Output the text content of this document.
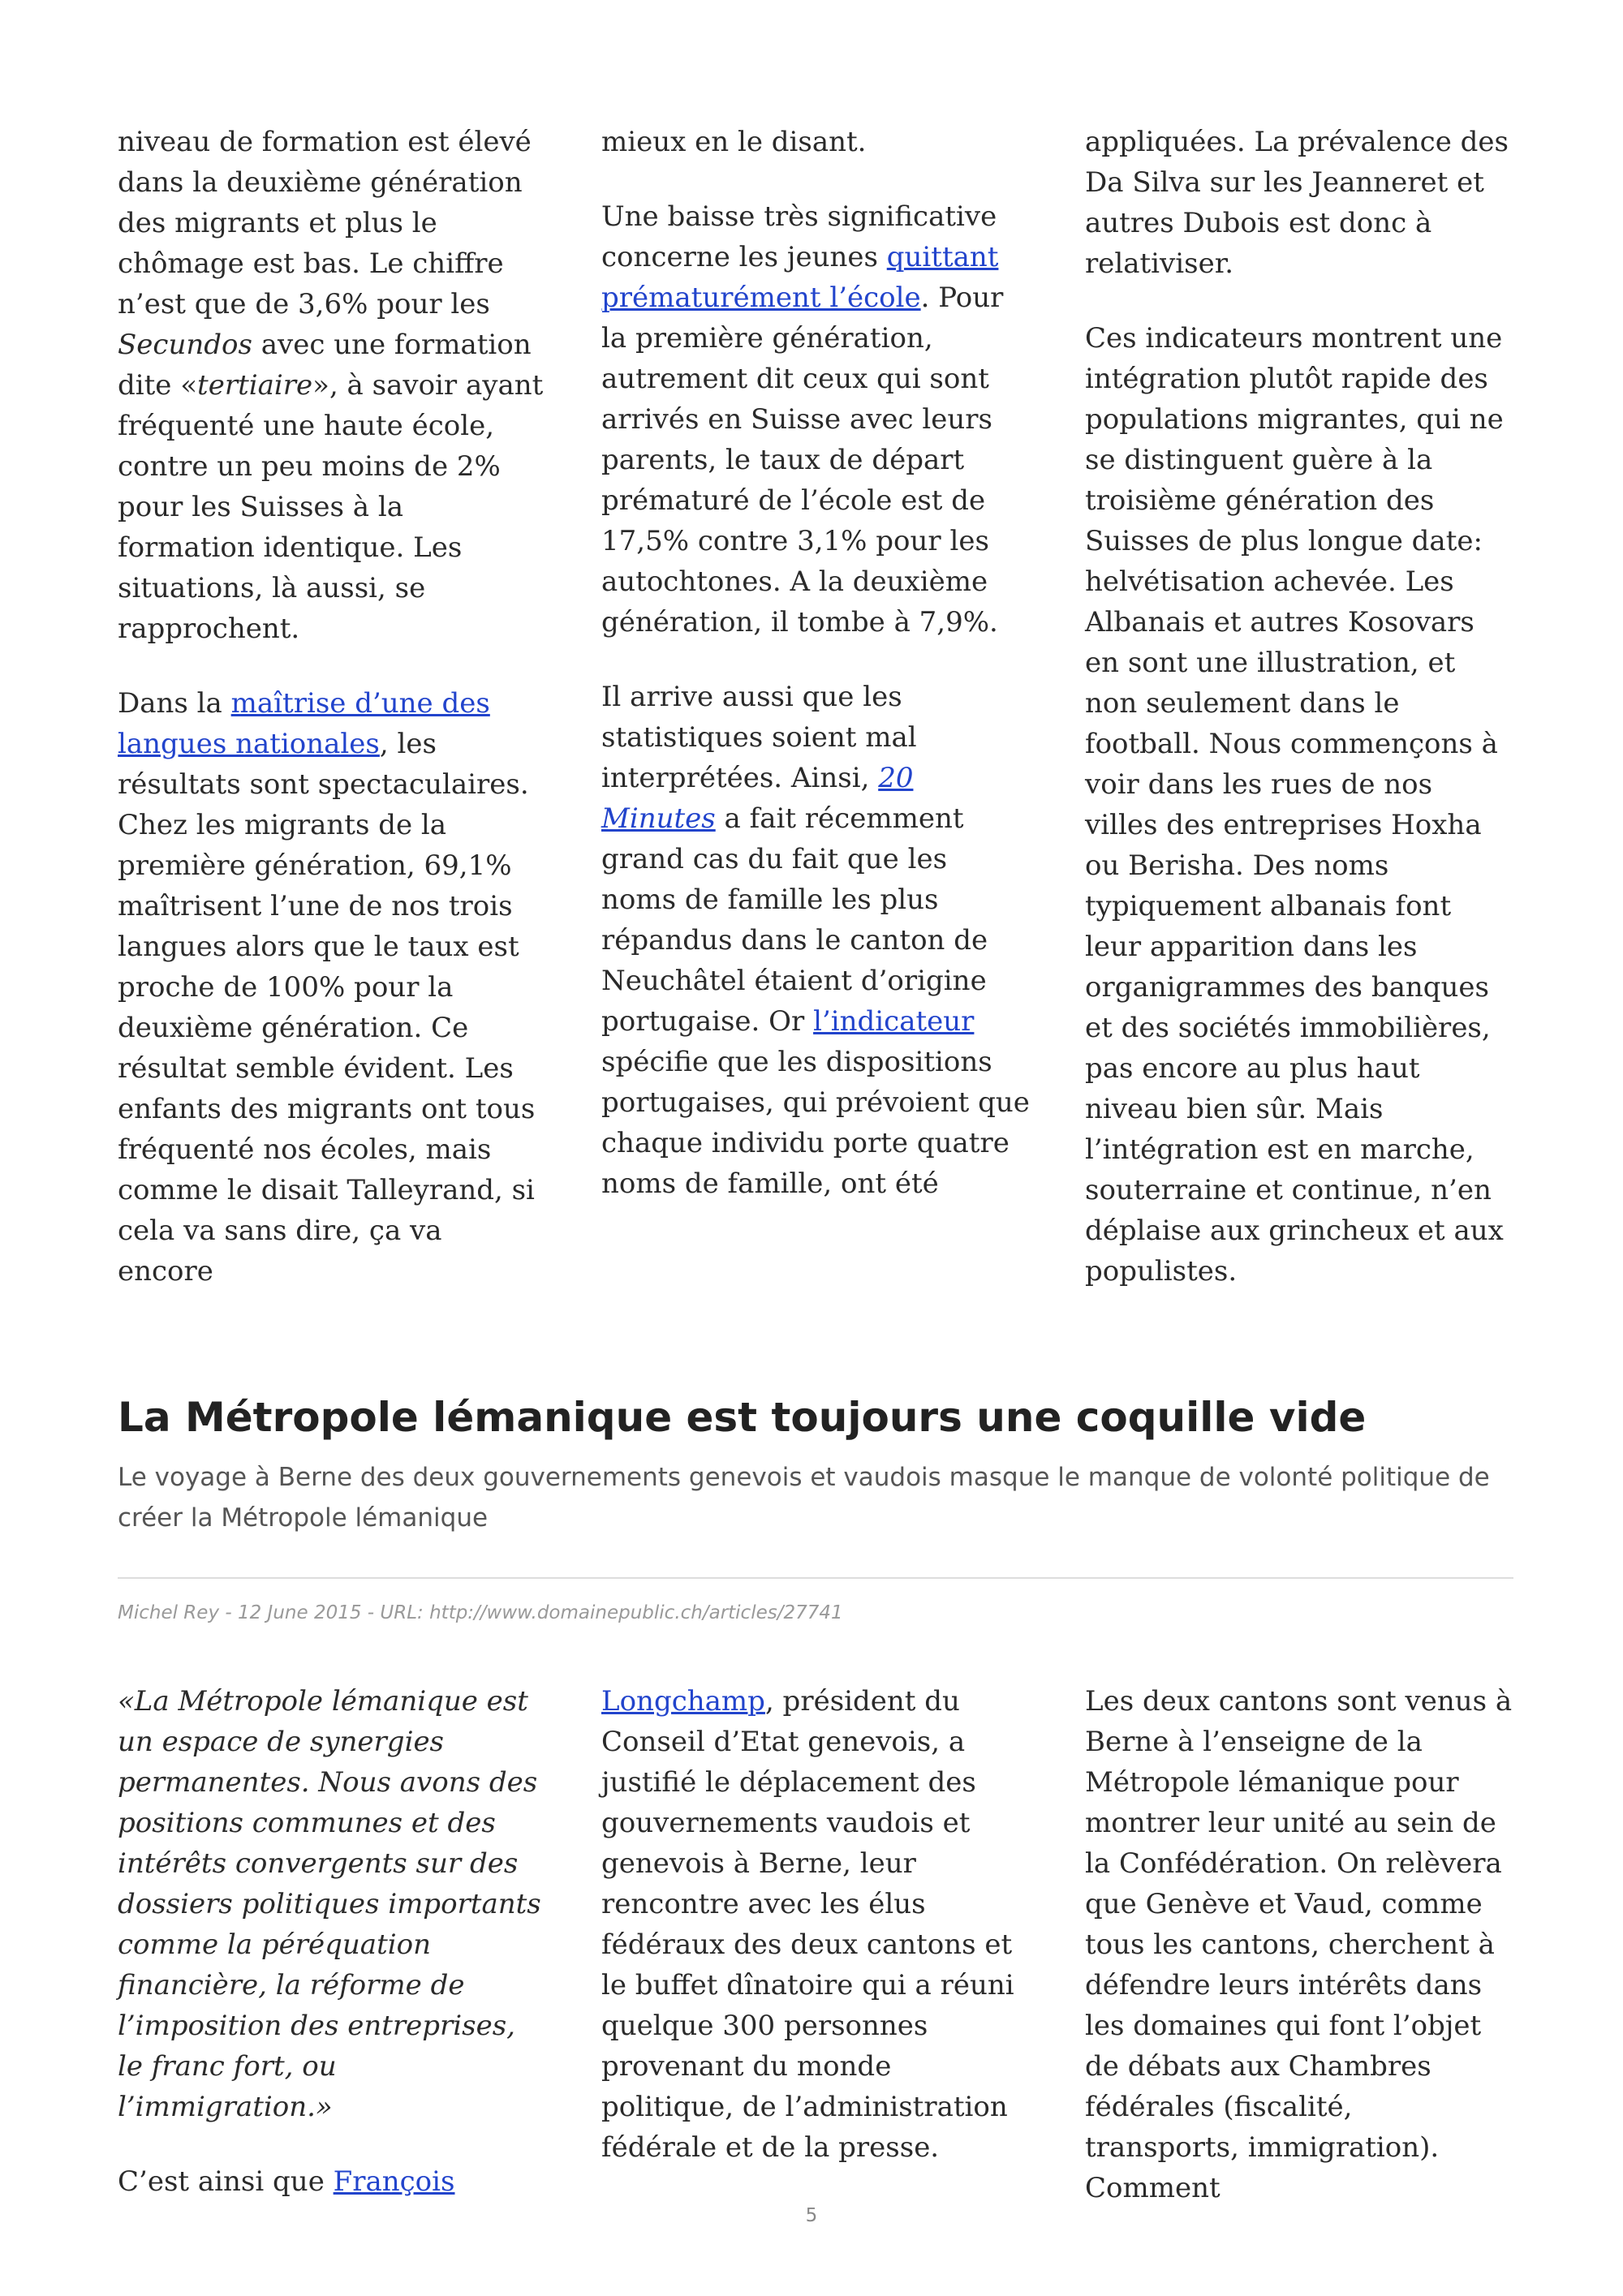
niveau de formation est élevé dans la deuxième génération des migrants et plus le chômage est bas. Le chiffre n’est que de 3,6% pour les Secundos avec une formation dite «tertiaire», à savoir ayant fréquenté une haute école, contre un peu moins de 2% pour les Suisses à la formation identique. Les situations, là aussi, se rapprochent.

Dans la maîtrise d’une des langues nationales, les résultats sont spectaculaires. Chez les migrants de la première génération, 69,1% maîtrisent l’une de nos trois langues alors que le taux est proche de 100% pour la deuxième génération. Ce résultat semble évident. Les enfants des migrants ont tous fréquenté nos écoles, mais comme le disait Talleyrand, si cela va sans dire, ça va encore

mieux en le disant.

Une baisse très significative concerne les jeunes quittant prématurément l’école. Pour la première génération, autrement dit ceux qui sont arrivés en Suisse avec leurs parents, le taux de départ prématuré de l’école est de 17,5% contre 3,1% pour les autochtones. A la deuxième génération, il tombe à 7,9%.

Il arrive aussi que les statistiques soient mal interprétées. Ainsi, 20 Minutes a fait récemment grand cas du fait que les noms de famille les plus répandus dans le canton de Neuchâtel étaient d’origine portugaise. Or l’indicateur spécifie que les dispositions portugaises, qui prévoient que chaque individu porte quatre noms de famille, ont été

appliquées. La prévalence des Da Silva sur les Jeanneret et autres Dubois est donc à relativiser.

Ces indicateurs montrent une intégration plutôt rapide des populations migrantes, qui ne se distinguent guère à la troisième génération des Suisses de plus longue date: helvétisation achevée. Les Albanais et autres Kosovars en sont une illustration, et non seulement dans le football. Nous commençons à voir dans les rues de nos villes des entreprises Hoxha ou Berisha. Des noms typiquement albanais font leur apparition dans les organigrammes des banques et des sociétés immobilières, pas encore au plus haut niveau bien sûr. Mais l’intégration est en marche, souterraine et continue, n’en déplaise aux grincheux et aux populistes.

La Métropole lémanique est toujours une coquille vide

Le voyage à Berne des deux gouvernements genevois et vaudois masque le manque de volonté politique de créer la Métropole lémanique

Michel Rey - 12 June 2015 - URL: http://www.domainepublic.ch/articles/27741

«La Métropole lémanique est un espace de synergies permanentes. Nous avons des positions communes et des intérêts convergents sur des dossiers politiques importants comme la péréquation financière, la réforme de l’imposition des entreprises, le franc fort, ou l’immigration.»

C’est ainsi que François

Longchamp, président du Conseil d’Etat genevois, a justifié le déplacement des gouvernements vaudois et genevois à Berne, leur rencontre avec les élus fédéraux des deux cantons et le buffet dînatoire qui a réuni quelque 300 personnes provenant du monde politique, de l’administration fédérale et de la presse.

Les deux cantons sont venus à Berne à l’enseigne de la Métropole lémanique pour montrer leur unité au sein de la Confédération. On relèvera que Genève et Vaud, comme tous les cantons, cherchent à défendre leurs intérêts dans les domaines qui font l’objet de débats aux Chambres fédérales (fiscalité, transports, immigration). Comment

5
